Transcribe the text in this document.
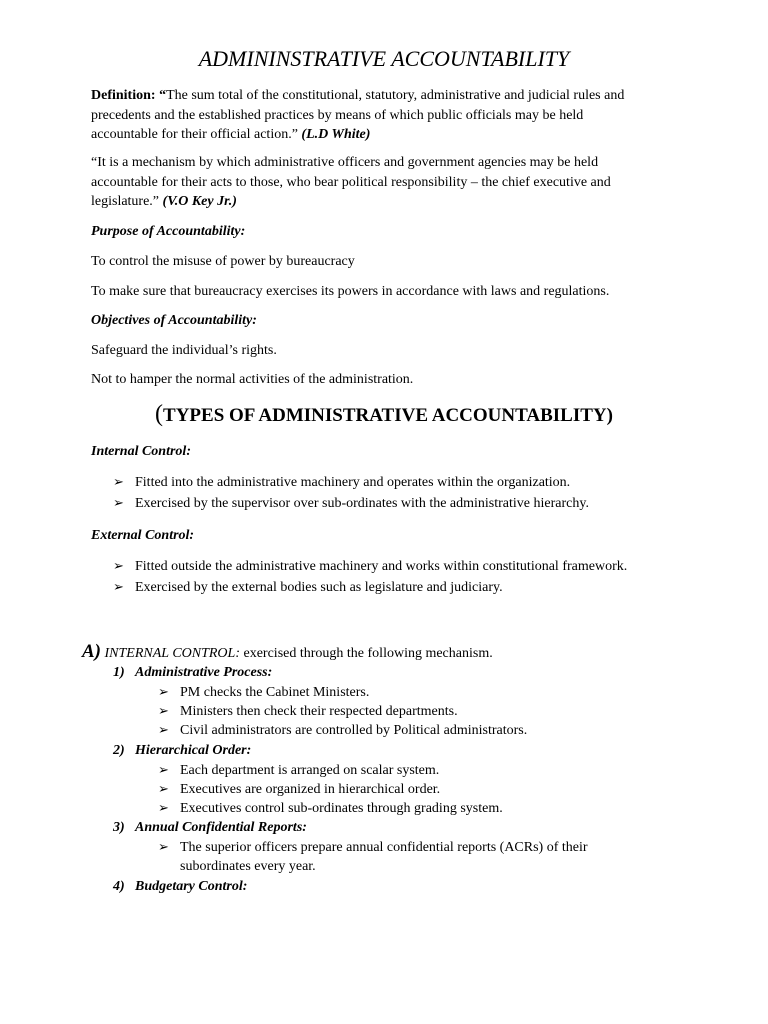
ADMININSTRATIVE ACCOUNTABILITY
Definition: “The sum total of the constitutional, statutory, administrative and judicial rules and
precedents and the established practices by means of which public officials may be held
accountable for their official action.” (L.D White)
“It is a mechanism by which administrative officers and government agencies may be held
accountable for their acts to those, who bear political responsibility – the chief executive and
legislature.” (V.O Key Jr.)
Purpose of Accountability:
To control the misuse of power by bureaucracy
To make sure that bureaucracy exercises its powers in accordance with laws and regulations.
Objectives of Accountability:
Safeguard the individual’s rights.
Not to hamper the normal activities of the administration.
(TYPES OF ADMINISTRATIVE ACCOUNTABILITY)
Internal Control:
➢ Fitted into the administrative machinery and operates within the organization.
➢ Exercised by the supervisor over sub-ordinates with the administrative hierarchy.
External Control:
➢ Fitted outside the administrative machinery and works within constitutional framework.
➢ Exercised by the external bodies such as legislature and judiciary.
A) INTERNAL CONTROL: exercised through the following mechanism.
1) Administrative Process:
➢ PM checks the Cabinet Ministers.
➢ Ministers then check their respected departments.
➢ Civil administrators are controlled by Political administrators.
2) Hierarchical Order:
➢ Each department is arranged on scalar system.
➢ Executives are organized in hierarchical order.
➢ Executives control sub-ordinates through grading system.
3) Annual Confidential Reports:
➢ The superior officers prepare annual confidential reports (ACRs) of their
subordinates every year.
4) Budgetary Control:
